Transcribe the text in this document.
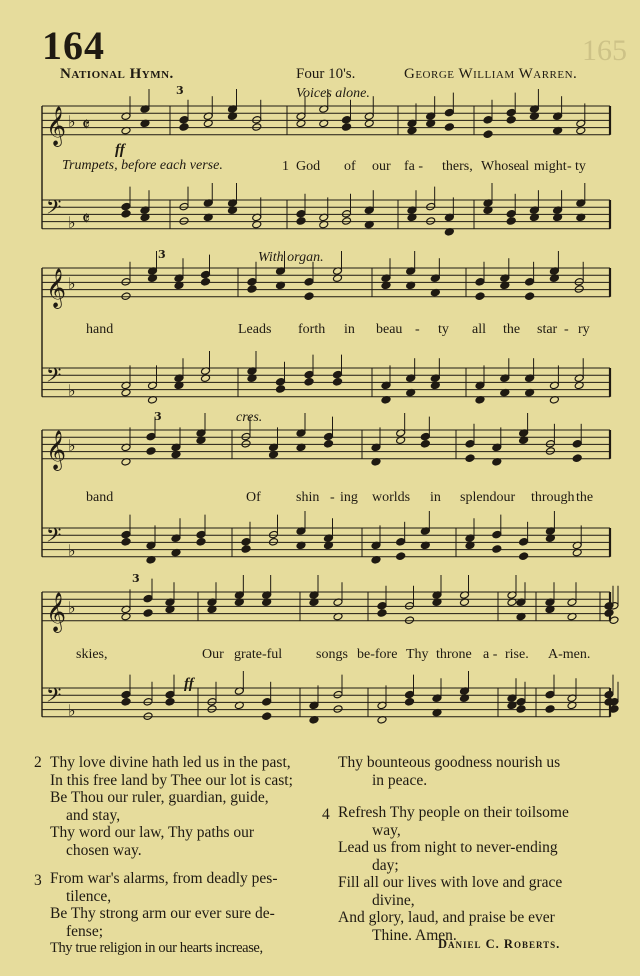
164	165
National Hymn.	Four 10's.	George William Warren.
𝄞 ♭ 𝄵
𝄢 ♭ 𝄵
𝄞 ♭
𝄢 ♭
𝄞 ♭
𝄢 ♭
𝄞 ♭
𝄢 ♭
3
3
3
3
Voices alone.
ff
Trumpets, before each verse.
With organ.
cres.
ff
1 God of our fa - thers, Whose al might - ty
hand	Leads forth in beau - ty all the star - ry
band	Of	shin - ing worlds in splendour through the
skies,	Our grate-ful songs be-fore Thy throne a - rise. A-men.
2 Thy love divine hath led us in the past,
In this free land by Thee our lot is cast;
Be Thou our ruler, guardian, guide,
and stay,
Thy word our law, Thy paths our
chosen way.
3 From war's alarms, from deadly pes-
tilence,
Be Thy strong arm our ever sure de-
fense;
Thy true religion in our hearts increase,
Thy bounteous goodness nourish us
in peace.
4 Refresh Thy people on their toilsome
way,
Lead us from night to never-ending
day;
Fill all our lives with love and grace
divine,
And glory, laud, and praise be ever
Thine. Amen.
Daniel C. Roberts.
